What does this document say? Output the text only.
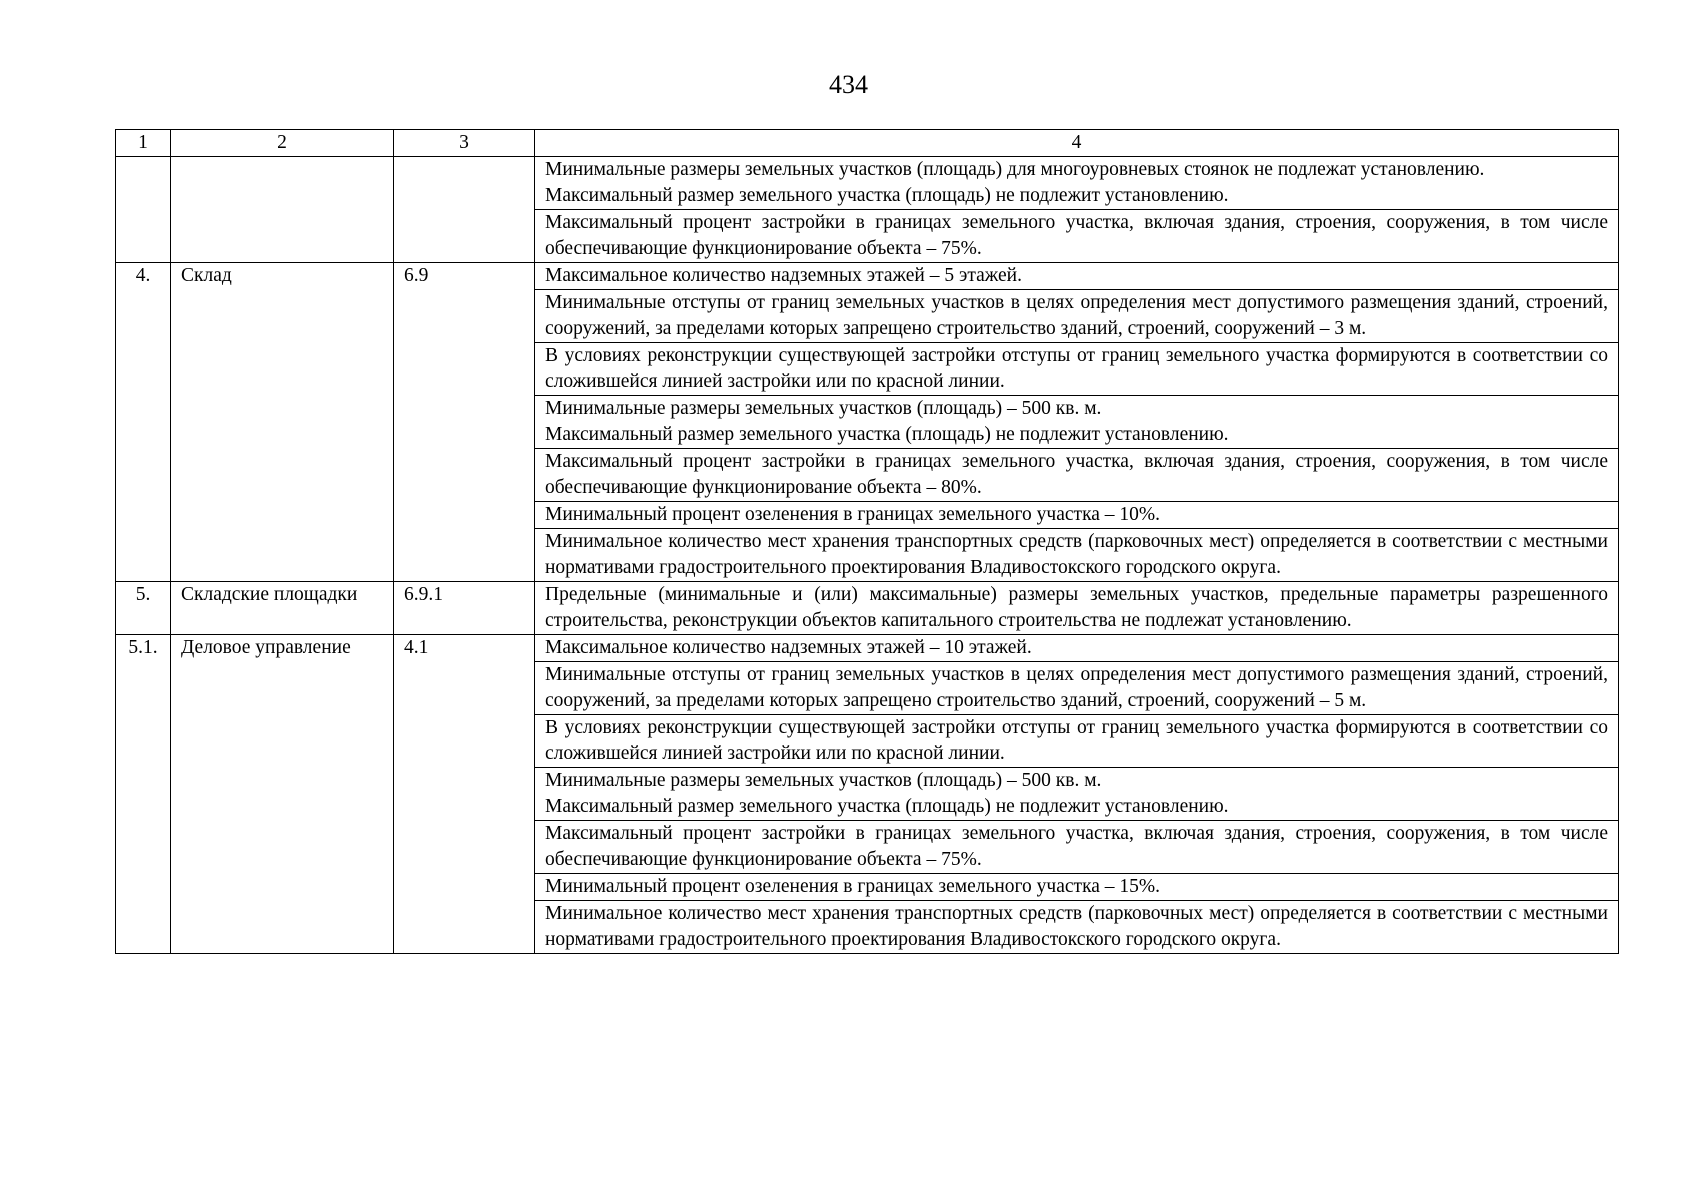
434
1	2	3	4

			Минимальные размеры земельных участков (площадь) для многоуровневых стоянок не подлежат установлению.

Максимальный размер земельного участка (площадь) не подлежит установлению.

			Максимальный процент застройки в границах земельного участка, включая здания, строения, сооружения, в том числе обеспечивающие функционирование объекта – 75%.

4.	Склад	6.9	Максимальное количество надземных этажей – 5 этажей.

			Минимальные отступы от границ земельных участков в целях определения мест допустимого размещения зданий, строений, сооружений, за пределами которых запрещено строительство зданий, строений, сооружений – 3 м.

			В условиях реконструкции существующей застройки отступы от границ земельного участка формируются в соответствии со сложившейся линией застройки или по красной линии.

			Минимальные размеры земельных участков (площадь) – 500 кв. м.

Максимальный размер земельного участка (площадь) не подлежит установлению.

			Максимальный процент застройки в границах земельного участка, включая здания, строения, сооружения, в том числе обеспечивающие функционирование объекта – 80%.

			Минимальный процент озеленения в границах земельного участка – 10%.

			Минимальное количество мест хранения транспортных средств (парковочных мест) определяется в соответствии с местными нормативами градостроительного проектирования Владивостокского городского округа.

5.	Складские площадки	6.9.1	Предельные (минимальные и (или) максимальные) размеры земельных участков, предельные параметры разрешенного строительства, реконструкции объектов капитального строительства не подлежат установлению.

5.1.	Деловое управление	4.1	Максимальное количество надземных этажей – 10 этажей.

			Минимальные отступы от границ земельных участков в целях определения мест допустимого размещения зданий, строений, сооружений, за пределами которых запрещено строительство зданий, строений, сооружений – 5 м.

			В условиях реконструкции существующей застройки отступы от границ земельного участка формируются в соответствии со сложившейся линией застройки или по красной линии.

			Минимальные размеры земельных участков (площадь) – 500 кв. м.

Максимальный размер земельного участка (площадь) не подлежит установлению.

			Максимальный процент застройки в границах земельного участка, включая здания, строения, сооружения, в том числе обеспечивающие функционирование объекта – 75%.

			Минимальный процент озеленения в границах земельного участка – 15%.

			Минимальное количество мест хранения транспортных средств (парковочных мест) определяется в соответствии с местными нормативами градостроительного проектирования Владивостокского городского округа.
